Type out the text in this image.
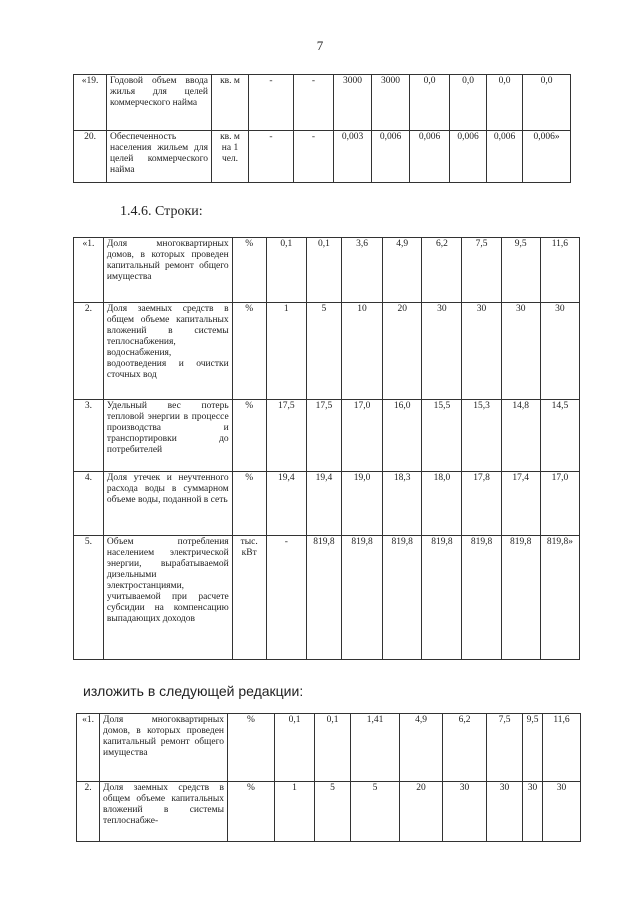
7
«19.	Годовой объем ввода жилья для целей коммерческого найма	кв. м	-	-	3000	3000	0,0	0,0	0,0	0,0
20.	Обеспеченность населения жильем для целей коммерческого найма	кв. м на 1 чел.	-	-	0,003	0,006	0,006	0,006	0,006	0,006»
1.4.6. Строки:
«1.	Доля многоквартирных домов, в которых проведен капитальный ремонт общего имущества	%	0,1	0,1	3,6	4,9	6,2	7,5	9,5	11,6
2.	Доля заемных средств в общем объеме капитальных вложений в системы теплоснабжения, водоснабжения, водоотведения и очистки сточных вод	%	1	5	10	20	30	30	30	30
3.	Удельный вес потерь тепловой энергии в процессе производства и транспортировки до потребителей	%	17,5	17,5	17,0	16,0	15,5	15,3	14,8	14,5
4.	Доля утечек и неучтенного расхода воды в суммарном объеме воды, поданной в сеть	%	19,4	19,4	19,0	18,3	18,0	17,8	17,4	17,0
5.	Объем потребления населением электрической энергии, вырабатываемой дизельными электростанциями, учитываемой при расчете субсидии на компенсацию выпадающих доходов	тыс. кВт	-	819,8	819,8	819,8	819,8	819,8	819,8	819,8»
изложить в следующей редакции:
«1.	Доля многоквартирных домов, в которых проведен капитальный ремонт общего имущества	%	0,1	0,1	1,41	4,9	6,2	7,5	9,5	11,6
2.	Доля заемных средств в общем объеме капитальных вложений в системы теплоснабже-	%	1	5	5	20	30	30	30	30
